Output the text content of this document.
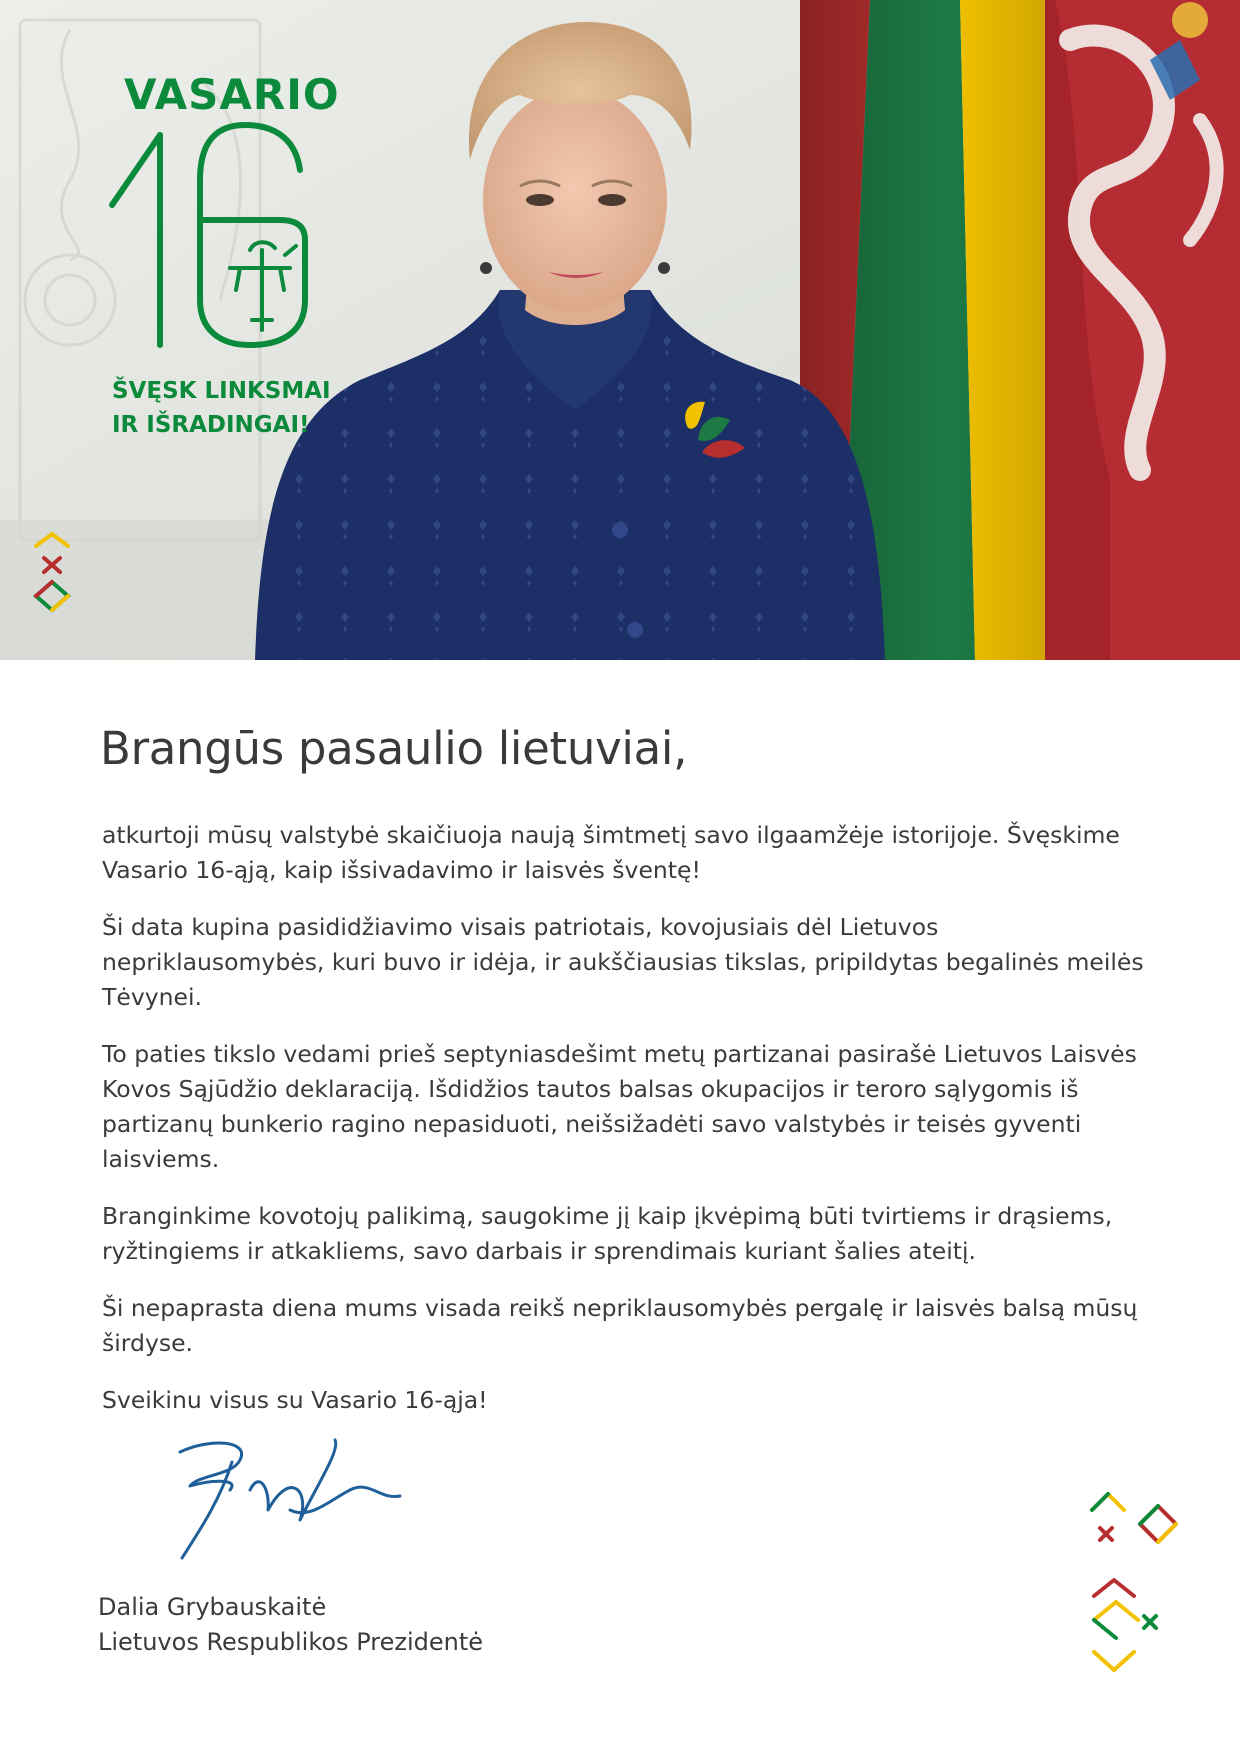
VASARIO
ŠVĘSK LINKSMAI
IR IŠRADINGAI!
Brangūs pasaulio lietuviai,

atkurtoji mūsų valstybė skaičiuoja naują šimtmetį savo ilgaamžėje istorijoje. Švęskime Vasario 16-ąją, kaip išsivadavimo ir laisvės šventę!

Ši data kupina pasididžiavimo visais patriotais, kovojusiais dėl Lietuvos nepriklausomybės, kuri buvo ir idėja, ir aukščiausias tikslas, pripildytas begalinės meilės Tėvynei.

To paties tikslo vedami prieš septyniasdešimt metų partizanai pasirašė Lietuvos Laisvės Kovos Sąjūdžio deklaraciją. Išdidžios tautos balsas okupacijos ir teroro sąlygomis iš partizanų bunkerio ragino nepasiduoti, neišsižadėti savo valstybės ir teisės gyventi laisviems.

Branginkime kovotojų palikimą, saugokime jį kaip įkvėpimą būti tvirtiems ir drąsiems, ryžtingiems ir atkakliems, savo darbais ir sprendimais kuriant šalies ateitį.

Ši nepaprasta diena mums visada reikš nepriklausomybės pergalę ir laisvės balsą mūsų širdyse.

Sveikinu visus su Vasario 16-ąja!

Dalia Grybauskaitė
Lietuvos Respublikos Prezidentė
